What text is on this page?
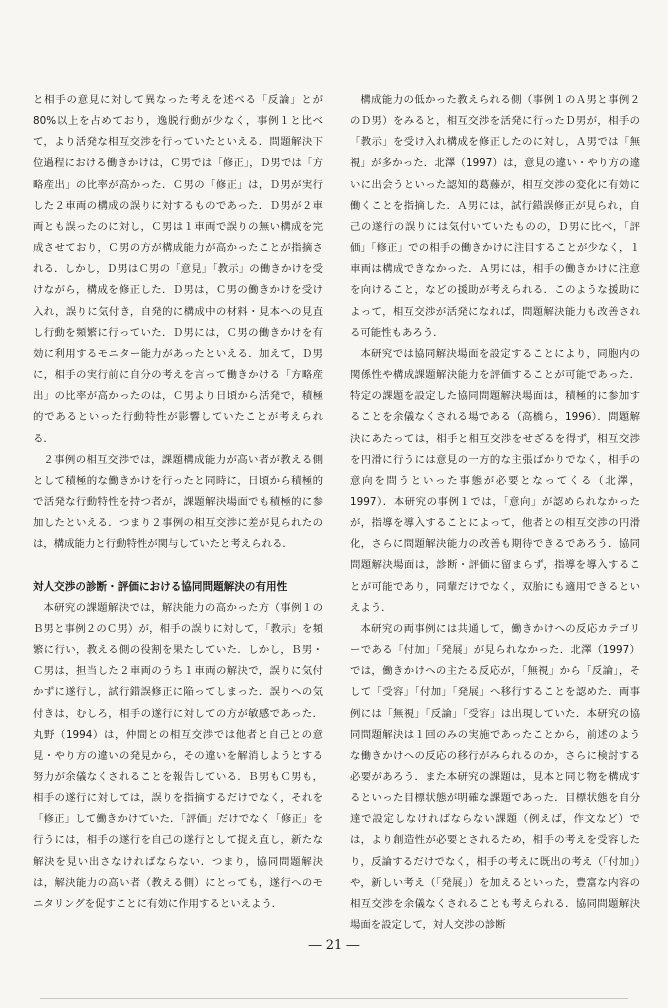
と相手の意見に対して異なった考えを述べる「反論」とが80%以上を占めており，逸脱行動が少なく，事例１と比べて，より活発な相互交渉を行っていたといえる．問題解決下位過程における働きかけは，Ｃ男では「修正」，Ｄ男では「方略産出」の比率が高かった．Ｃ男の「修正」は，Ｄ男が実行した２車両の構成の誤りに対するものであった．Ｄ男が２車両とも誤ったのに対し，Ｃ男は１車両で誤りの無い構成を完成させており，Ｃ男の方が構成能力が高かったことが指摘される．しかし，Ｄ男はＣ男の「意見」「教示」の働きかけを受けながら，構成を修正した．Ｄ男は，Ｃ男の働きかけを受け入れ，誤りに気付き，自発的に構成中の材料・見本への見直し行動を頻繁に行っていた．Ｄ男には，Ｃ男の働きかけを有効に利用するモニター能力があったといえる．加えて，Ｄ男に，相手の実行前に自分の考えを言って働きかける「方略産出」の比率が高かったのは，Ｃ男より日頃から活発で，積極的であるといった行動特性が影響していたことが考えられる．

２事例の相互交渉では，課題構成能力が高い者が教える側として積極的な働きかけを行ったと同時に，日頃から積極的で活発な行動特性を持つ者が，課題解決場面でも積極的に参加したといえる．つまり２事例の相互交渉に差が見られたのは，構成能力と行動特性が関与していたと考えられる．

対人交渉の診断・評価における協同問題解決の有用性

本研究の課題解決では，解決能力の高かった方（事例１のＢ男と事例２のＣ男）が，相手の誤りに対して，「教示」を頻繁に行い，教える側の役割を果たしていた．しかし，Ｂ男・Ｃ男は，担当した２車両のうち１車両の解決で，誤りに気付かずに遂行し，試行錯誤修正に陥ってしまった．誤りへの気付きは，むしろ，相手の遂行に対しての方が敏感であった．丸野（1994）は，仲間との相互交渉では他者と自己との意見・やり方の違いの発見から，その違いを解消しようとする努力が余儀なくされることを報告している．Ｂ男もＣ男も，相手の遂行に対しては，誤りを指摘するだけでなく，それを「修正」して働きかけていた．「評価」だけでなく「修正」を行うには，相手の遂行を自己の遂行として捉え直し，新たな解決を見い出さなければならない．つまり，協同問題解決は，解決能力の高い者（教える側）にとっても，遂行へのモニタリングを促すことに有効に作用するといえよう．

構成能力の低かった教えられる側（事例１のＡ男と事例２のＤ男）をみると，相互交渉を活発に行ったＤ男が，相手の「教示」を受け入れ構成を修正したのに対し，Ａ男では「無視」が多かった．北澤（1997）は，意見の違い・やり方の違いに出会うといった認知的葛藤が，相互交渉の変化に有効に働くことを指摘した．Ａ男には，試行錯誤修正が見られ，自己の遂行の誤りには気付いていたものの，Ｄ男に比べ，「評価」「修正」での相手の働きかけに注目することが少なく，１車両は構成できなかった．Ａ男には，相手の働きかけに注意を向けること，などの援助が考えられる．このような援助によって，相互交渉が活発になれば，問題解決能力も改善される可能性もあろう．

本研究では協同解決場面を設定することにより，同胞内の関係性や構成課題解決能力を評価することが可能であった．特定の課題を設定した協同問題解決場面は，積極的に参加することを余儀なくされる場である（高橋ら，1996）．問題解決にあたっては，相手と相互交渉をせざるを得ず，相互交渉を円滑に行うには意見の一方的な主張ばかりでなく，相手の意向を問うといった事態が必要となってくる（北澤，1997）．本研究の事例１では，「意向」が認められなかったが，指導を導入することによって，他者との相互交渉の円滑化，さらに問題解決能力の改善も期待できるであろう．協同問題解決場面は，診断・評価に留まらず，指導を導入することが可能であり，同輩だけでなく，双胎にも適用できるといえよう．

本研究の両事例には共通して，働きかけへの反応カテゴリーである「付加」「発展」が見られなかった．北澤（1997）では，働きかけへの主たる反応が，「無視」から「反論」，そして「受容」「付加」「発展」へ移行することを認めた．両事例には「無視」「反論」「受容」は出現していた．本研究の協同問題解決は１回のみの実施であったことから，前述のような働きかけへの反応の移行がみられるのか，さらに検討する必要があろう．また本研究の課題は，見本と同じ物を構成するといった目標状態が明確な課題であった．目標状態を自分達で設定しなければならない課題（例えば，作文など）では，より創造性が必要とされるため，相手の考えを受容したり，反論するだけでなく，相手の考えに既出の考え（「付加」）や，新しい考え（「発展」）を加えるといった，豊富な内容の相互交渉を余儀なくされることも考えられる．協同問題解決場面を設定して，対人交渉の診断

― 21 ―
